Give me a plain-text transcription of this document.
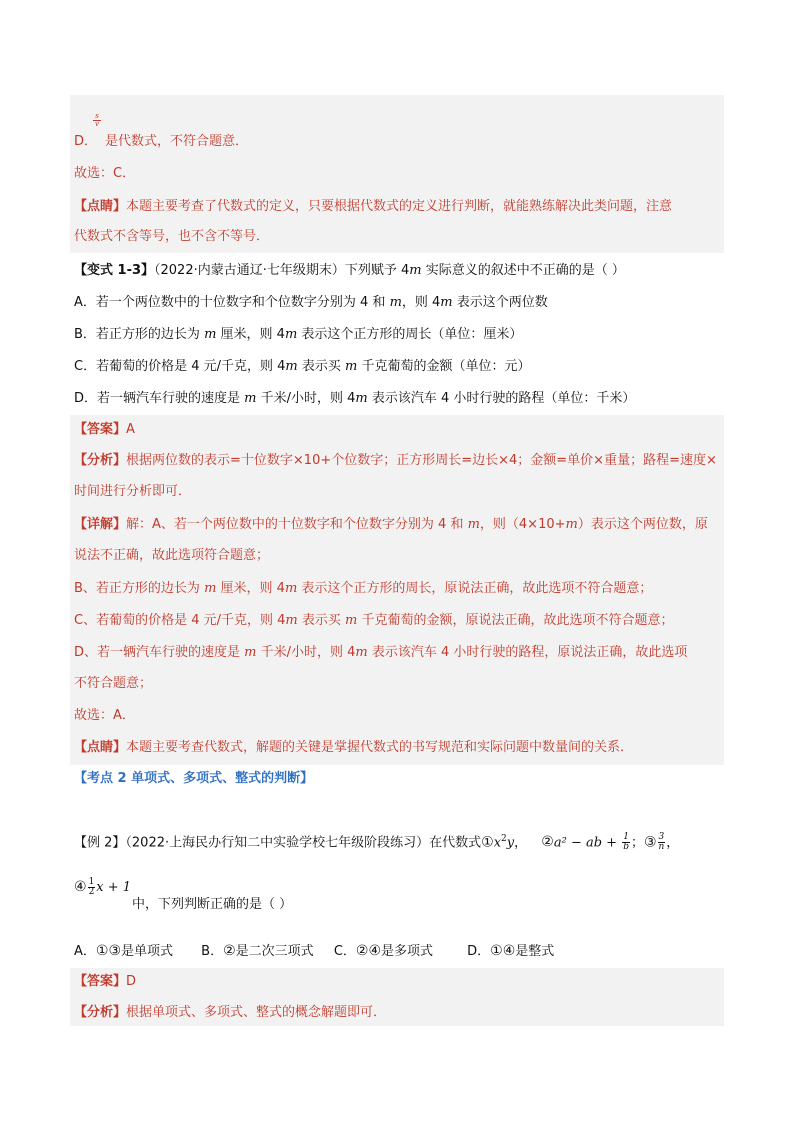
s
v
D． 是代数式，不符合题意．
故选：C．
【点睛】本题主要考查了代数式的定义，只要根据代数式的定义进行判断，就能熟练解决此类问题，注意
代数式不含等号，也不含不等号．
【变式 1-3】（2022·内蒙古通辽·七年级期末）下列赋予 4m 实际意义的叙述中不正确的是（ ）
A．若一个两位数中的十位数字和个位数字分别为 4 和 m，则 4m 表示这个两位数
B．若正方形的边长为 m 厘米，则 4m 表示这个正方形的周长（单位：厘米）
C．若葡萄的价格是 4 元/千克，则 4m 表示买 m 千克葡萄的金额（单位：元）
D．若一辆汽车行驶的速度是 m 千米/小时，则 4m 表示该汽车 4 小时行驶的路程（单位：千米）
【答案】A
【分析】根据两位数的表示=十位数字×10+个位数字；正方形周长=边长×4；金额=单价×重量；路程=速度×
时间进行分析即可．
【详解】解：A、若一个两位数中的十位数字和个位数字分别为 4 和 m，则（4×10+m）表示这个两位数，原
说法不正确，故此选项符合题意；
B、若正方形的边长为 m 厘米，则 4m 表示这个正方形的周长，原说法正确，故此选项不符合题意；
C、若葡萄的价格是 4 元/千克，则 4m 表示买 m 千克葡萄的金额，原说法正确，故此选项不符合题意；
D、若一辆汽车行驶的速度是 m 千米/小时，则 4m 表示该汽车 4 小时行驶的路程，原说法正确，故此选项
不符合题意；
故选：A．
【点睛】本题主要考查代数式，解题的关键是掌握代数式的书写规范和实际问题中数量间的关系．
【考点 2 单项式、多项式、整式的判断】
【例 2】（2022·上海民办行知二中实验学校七年级阶段练习）在代数式$①x^2y$， ②a² − ab + $\frac{1}{b}$ ；③ $\frac{3}{n}$ ，
④ $\frac{1}{2}$ x + 1
中，下列判断正确的是（ ）
A．①③是单项式 B．②是二次三项式 C．②④是多项式	D．①④是整式
【答案】D
【分析】根据单项式、多项式、整式的概念解题即可．
